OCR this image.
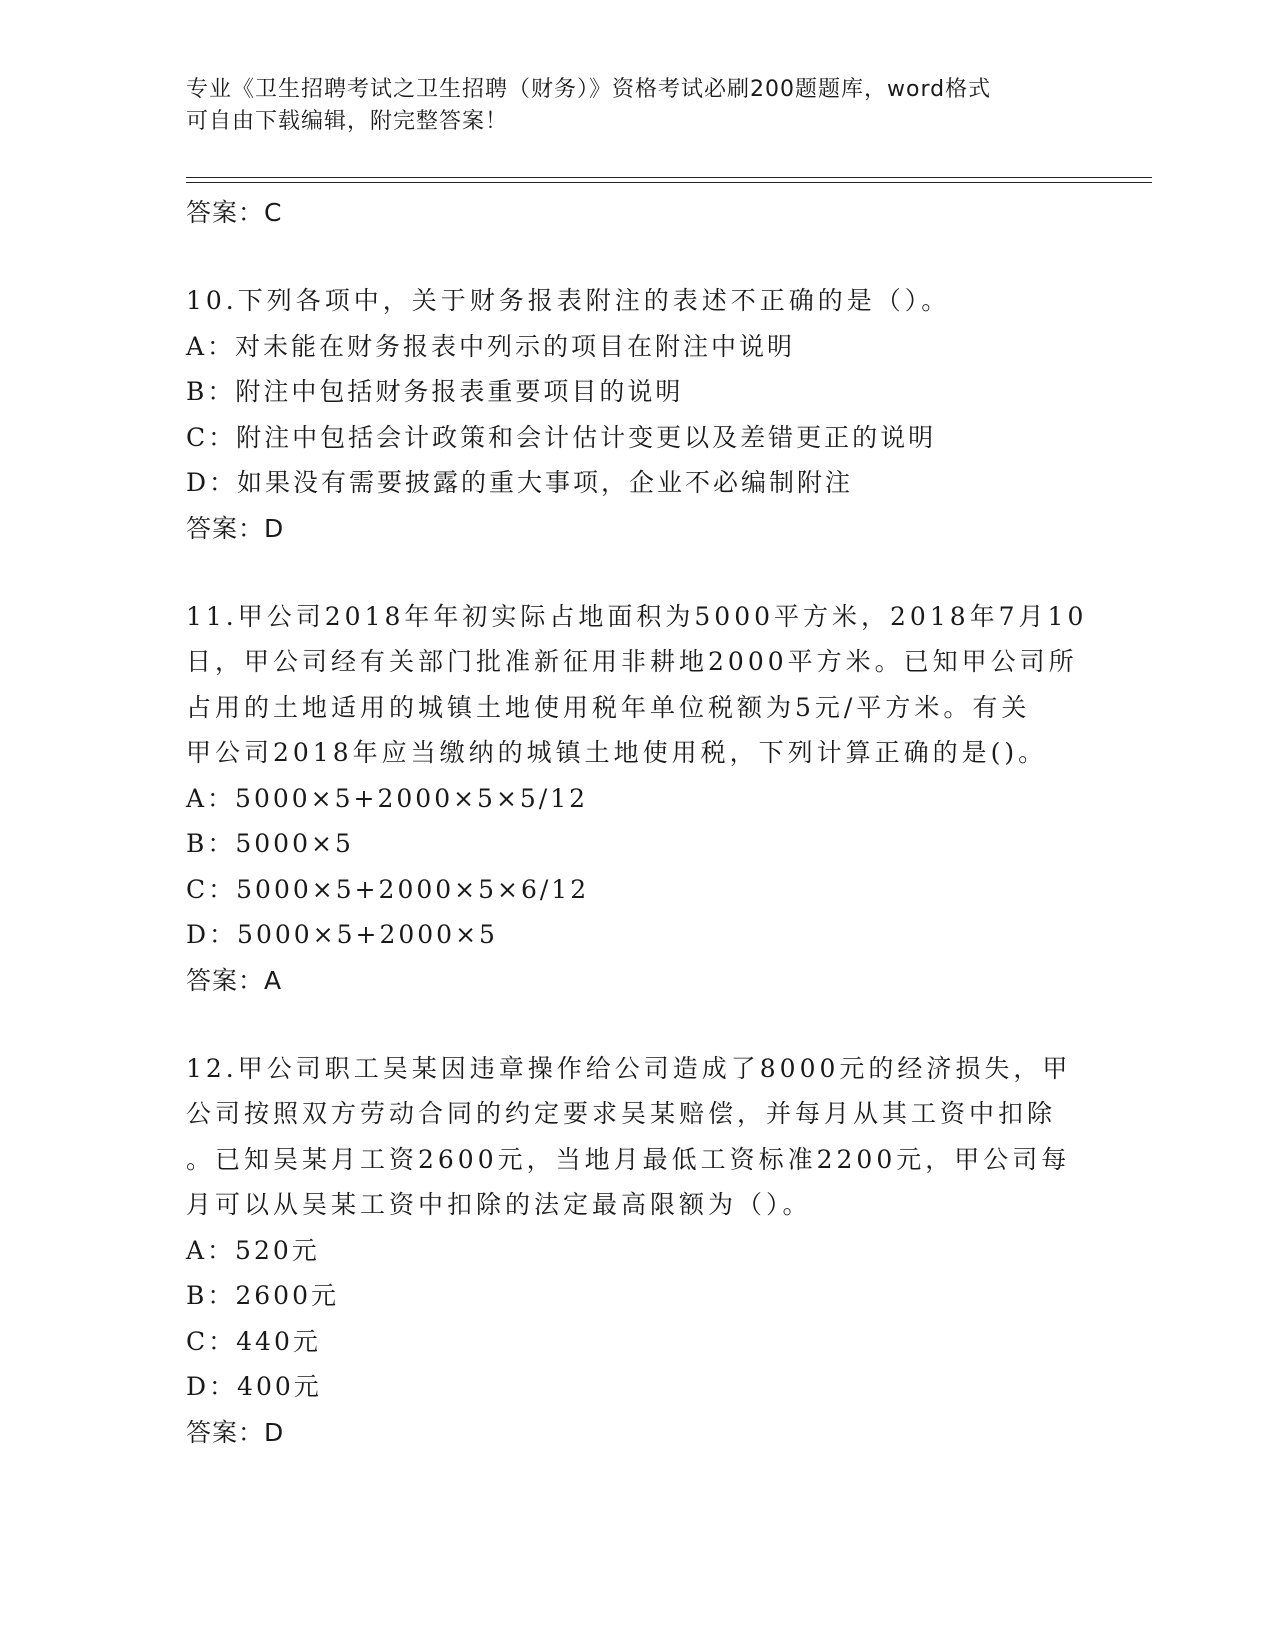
专业《卫生招聘考试之卫生招聘（财务）》资格考试必刷200题题库，word格式
可自由下载编辑，附完整答案！
答案：C
10.下列各项中，关于财务报表附注的表述不正确的是（）。
A：对未能在财务报表中列示的项目在附注中说明
B：附注中包括财务报表重要项目的说明
C：附注中包括会计政策和会计估计变更以及差错更正的说明
D：如果没有需要披露的重大事项，企业不必编制附注
答案：D
11.甲公司2018年年初实际占地面积为5000平方米，2018年7月10
日，甲公司经有关部门批准新征用非耕地2000平方米。已知甲公司所
占用的土地适用的城镇土地使用税年单位税额为5元/平方米。有关
甲公司2018年应当缴纳的城镇土地使用税，下列计算正确的是()。
A：5000×5+2000×5×5/12
B：5000×5
C：5000×5+2000×5×6/12
D：5000×5+2000×5
答案：A
12.甲公司职工吴某因违章操作给公司造成了8000元的经济损失，甲
公司按照双方劳动合同的约定要求吴某赔偿，并每月从其工资中扣除
。已知吴某月工资2600元，当地月最低工资标准2200元，甲公司每
月可以从吴某工资中扣除的法定最高限额为（）。
A：520元
B：2600元
C：440元
D：400元
答案：D
